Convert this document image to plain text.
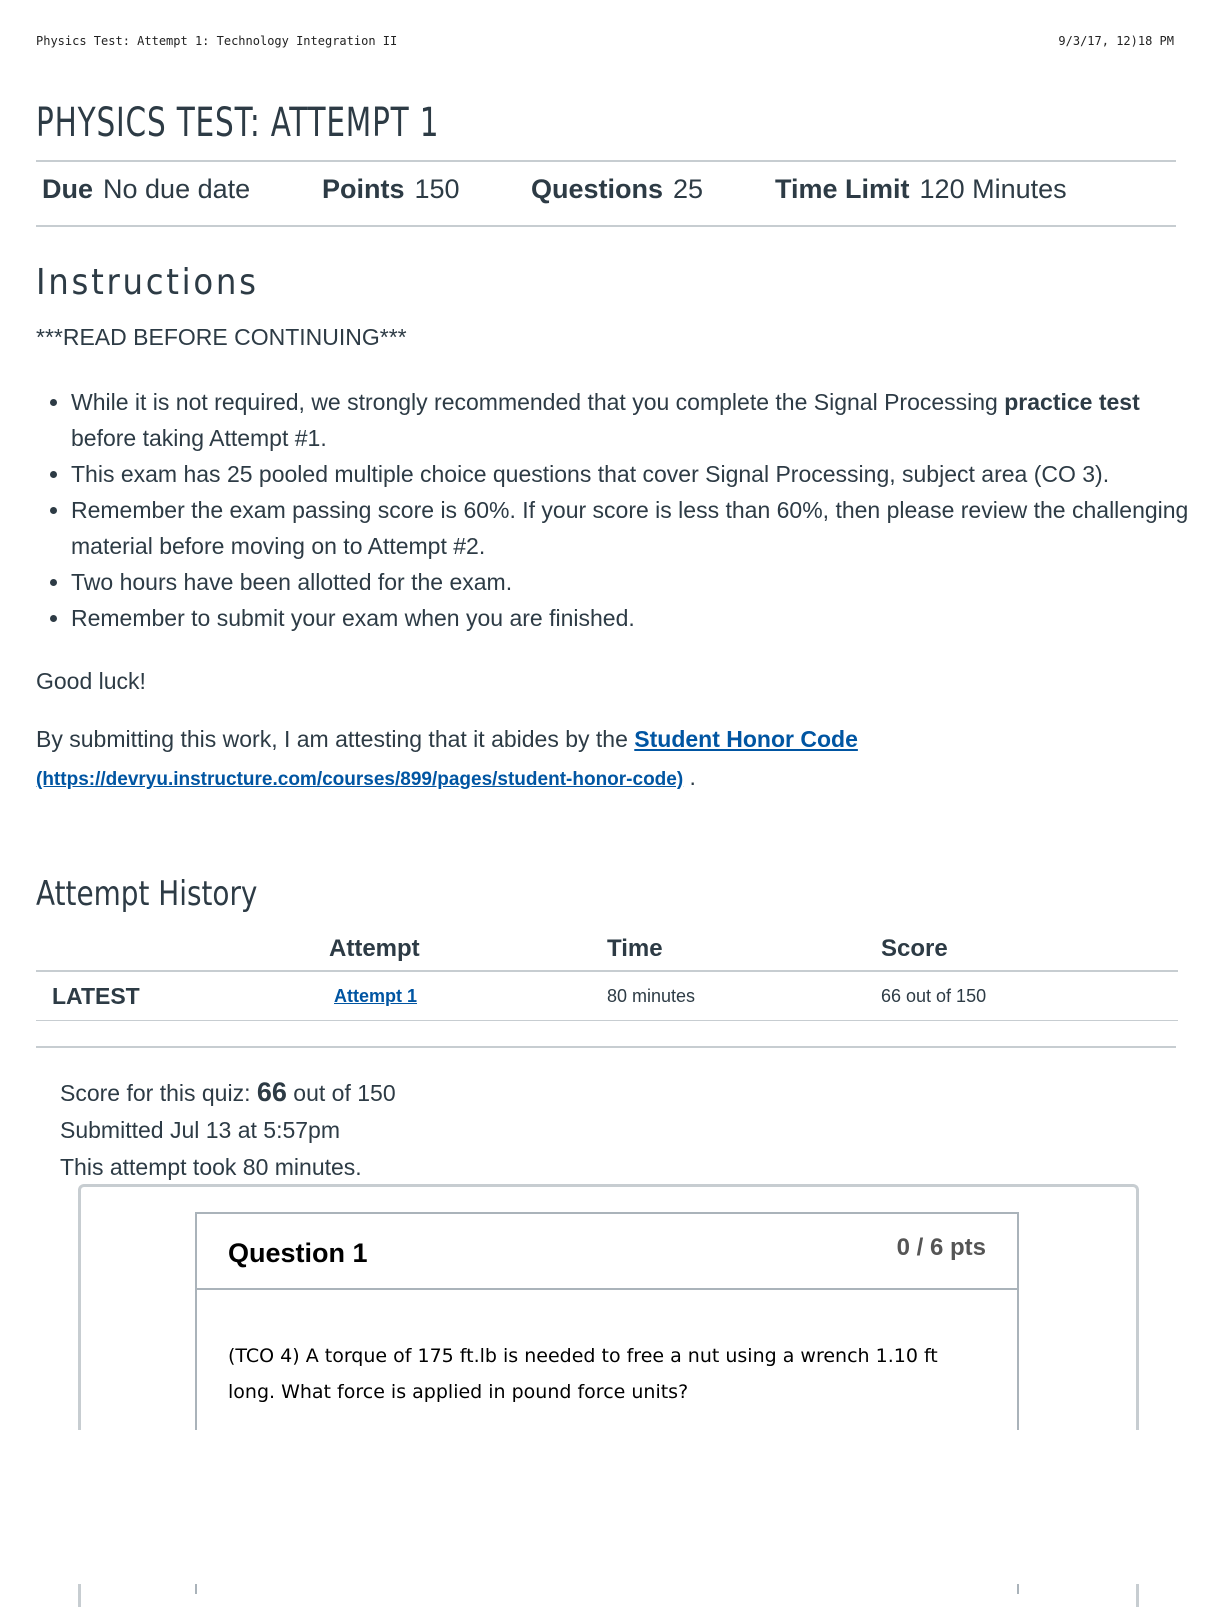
Physics Test: Attempt 1: Technology Integration II	9/3/17, 12)18 PM
PHYSICS TEST: ATTEMPT 1
Due No due date	Points 150	Questions 25	Time Limit 120 Minutes
Instructions
***READ BEFORE CONTINUING***
• While it is not required, we strongly recommended that you complete the Signal Processing practice test before taking Attempt #1.
• This exam has 25 pooled multiple choice questions that cover Signal Processing, subject area (CO 3).
• Remember the exam passing score is 60%. If your score is less than 60%, then please review the challenging material before moving on to Attempt #2.
• Two hours have been allotted for the exam.
• Remember to submit your exam when you are finished.
Good luck!
By submitting this work, I am attesting that it abides by the Student Honor Code
(https://devryu.instructure.com/courses/899/pages/student-honor-code) .
Attempt History
	Attempt	Time	Score
LATEST	Attempt 1	80 minutes	66 out of 150
Score for this quiz: 66 out of 150
Submitted Jul 13 at 5:57pm
This attempt took 80 minutes.
Question 1	0 / 6 pts
(TCO 4) A torque of 175 ft.lb is needed to free a nut using a wrench 1.10 ft long. What force is applied in pound force units?
